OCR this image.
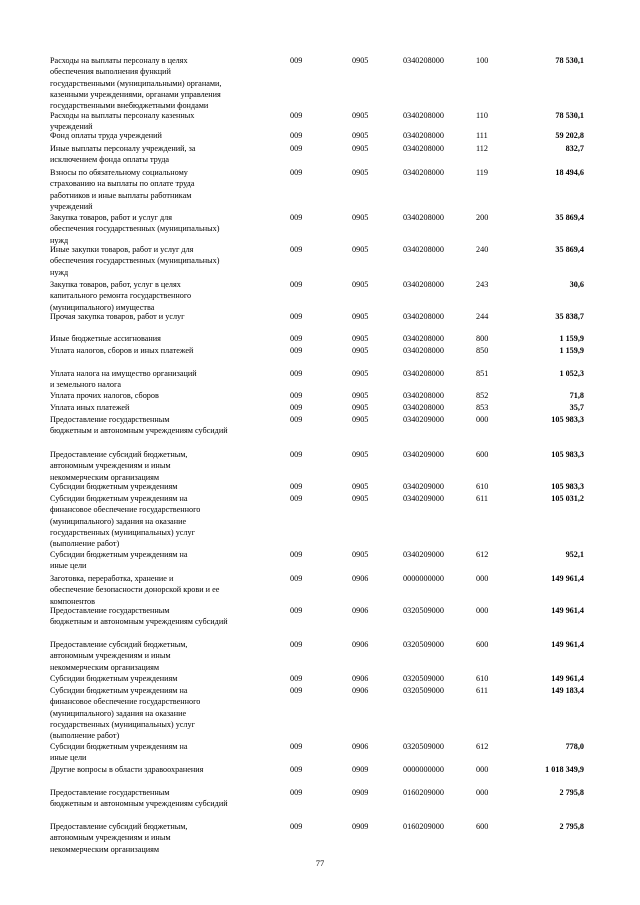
Расходы на выплаты персоналу в целях
обеспечения выполнения функций
государственными (муниципальными) органами,
казенными учреждениями, органами управления
государственными внебюджетными фондами
009	0905	0340208000	100	78 530,1
Расходы на выплаты персоналу казенных
учреждений
009	0905	0340208000	110	78 530,1
Фонд оплаты труда учреждений	009	0905	0340208000	111	59 202,8
Иные выплаты персоналу учреждений, за
исключением фонда оплаты труда
009	0905	0340208000	112	832,7
Взносы по обязательному социальному
страхованию на выплаты по оплате труда
работников и иные выплаты работникам
учреждений
009	0905	0340208000	119	18 494,6
Закупка товаров, работ и услуг для
обеспечения государственных (муниципальных)
нужд
009	0905	0340208000	200	35 869,4
Иные закупки товаров, работ и услуг для
обеспечения государственных (муниципальных)
нужд
009	0905	0340208000	240	35 869,4
Закупка товаров, работ, услуг в целях
капитального ремонта государственного
(муниципального) имущества
009	0905	0340208000	243	30,6
Прочая закупка товаров, работ и услуг	009	0905	0340208000	244	35 838,7
Иные бюджетные ассигнования	009	0905	0340208000	800	1 159,9
Уплата налогов, сборов и иных платежей	009	0905	0340208000	850	1 159,9
Уплата налога на имущество организаций
и земельного налога
009	0905	0340208000	851	1 052,3
Уплата прочих налогов, сборов	009	0905	0340208000	852	71,8
Уплата иных платежей	009	0905	0340208000	853	35,7
Предоставление государственным
бюджетным и автономным учреждениям субсидий
009	0905	0340209000	000	105 983,3
Предоставление субсидий бюджетным,
автономным учреждениям и иным
некоммерческим организациям
009	0905	0340209000	600	105 983,3
Субсидии бюджетным учреждениям	009	0905	0340209000	610	105 983,3
Субсидии бюджетным учреждениям на
финансовое обеспечение государственного
(муниципального) задания на оказание
государственных (муниципальных) услуг
(выполнение работ)
009	0905	0340209000	611	105 031,2
Субсидии бюджетным учреждениям на
иные цели
009	0905	0340209000	612	952,1
Заготовка, переработка, хранение и
обеспечение безопасности донорской крови и ее
компонентов
009	0906	0000000000	000	149 961,4
Предоставление государственным
бюджетным и автономным учреждениям субсидий
009	0906	0320509000	000	149 961,4
Предоставление субсидий бюджетным,
автономным учреждениям и иным
некоммерческим организациям
009	0906	0320509000	600	149 961,4
Субсидии бюджетным учреждениям	009	0906	0320509000	610	149 961,4
Субсидии бюджетным учреждениям на
финансовое обеспечение государственного
(муниципального) задания на оказание
государственных (муниципальных) услуг
(выполнение работ)
009	0906	0320509000	611	149 183,4
Субсидии бюджетным учреждениям на
иные цели
009	0906	0320509000	612	778,0
Другие вопросы в области здравоохранения	009	0909	0000000000	000	1 018 349,9
Предоставление государственным
бюджетным и автономным учреждениям субсидий
009	0909	0160209000	000	2 795,8
Предоставление субсидий бюджетным,
автономным учреждениям и иным
некоммерческим организациям
009	0909	0160209000	600	2 795,8
77
